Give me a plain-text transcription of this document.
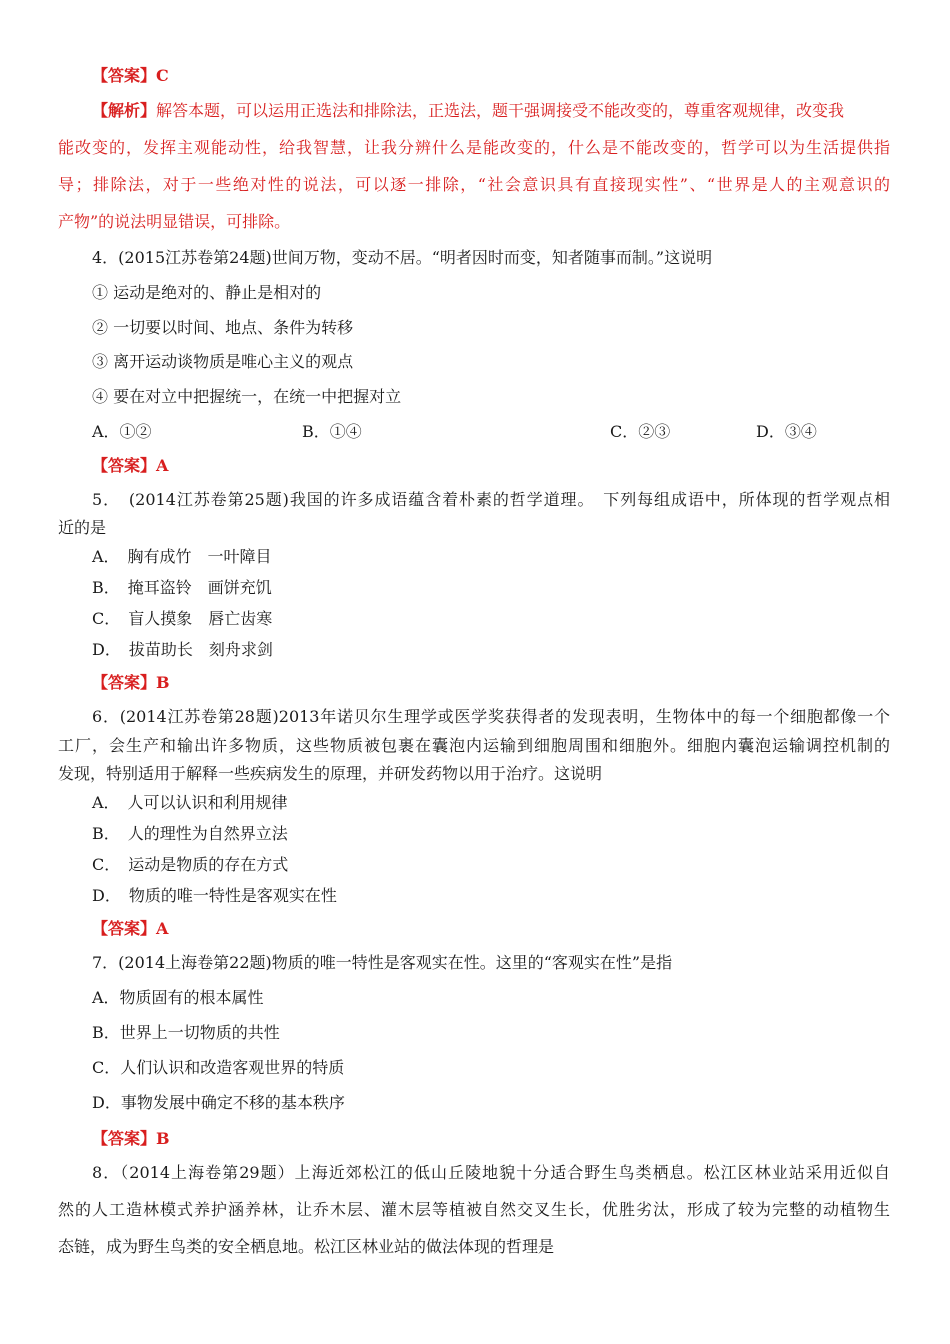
【答案】C
【解析】解答本题，可以运用正选法和排除法，正选法，题干强调接受不能改变的，尊重客观规律，改变我
能改变的，发挥主观能动性，给我智慧，让我分辨什么是能改变的，什么是不能改变的，哲学可以为生活提供指
导；排除法，对于一些绝对性的说法，可以逐一排除，“社会意识具有直接现实性”、“世界是人的主观意识的
产物”的说法明显错误，可排除。
4．(2015江苏卷第24题)世间万物，变动不居。“明者因时而变，知者随事而制。”这说明
① 运动是绝对的、静止是相对的
② 一切要以时间、地点、条件为转移
③ 离开运动谈物质是唯心主义的观点
④ 要在对立中把握统一，在统一中把握对立
A．①②	B．①④	C．②③	D．③④
【答案】A
5．　(2014江苏卷第25题)我国的许多成语蕴含着朴素的哲学道理。　下列每组成语中，所体现的哲学观点相
近的是
A．　胸有成竹　一叶障目
B．　掩耳盗铃　画饼充饥
C．　盲人摸象　唇亡齿寒
D．　拔苗助长　刻舟求剑
【答案】B
6．(2014江苏卷第28题)2013年诺贝尔生理学或医学奖获得者的发现表明，生物体中的每一个细胞都像一个
工厂，会生产和输出许多物质，这些物质被包裹在囊泡内运输到细胞周围和细胞外。细胞内囊泡运输调控机制的
发现，特别适用于解释一些疾病发生的原理，并研发药物以用于治疗。这说明
A．　人可以认识和利用规律
B．　人的理性为自然界立法
C．　运动是物质的存在方式
D．　物质的唯一特性是客观实在性
【答案】A
7．(2014上海卷第22题)物质的唯一特性是客观实在性。这里的“客观实在性”是指
A．物质固有的根本属性
B．世界上一切物质的共性
C．人们认识和改造客观世界的特质
D．事物发展中确定不移的基本秩序
【答案】B
8．（2014上海卷第29题）上海近郊松江的低山丘陵地貌十分适合野生鸟类栖息。松江区林业站采用近似自
然的人工造林模式养护涵养林，让乔木层、灌木层等植被自然交叉生长，优胜劣汰，形成了较为完整的动植物生
态链，成为野生鸟类的安全栖息地。松江区林业站的做法体现的哲理是
